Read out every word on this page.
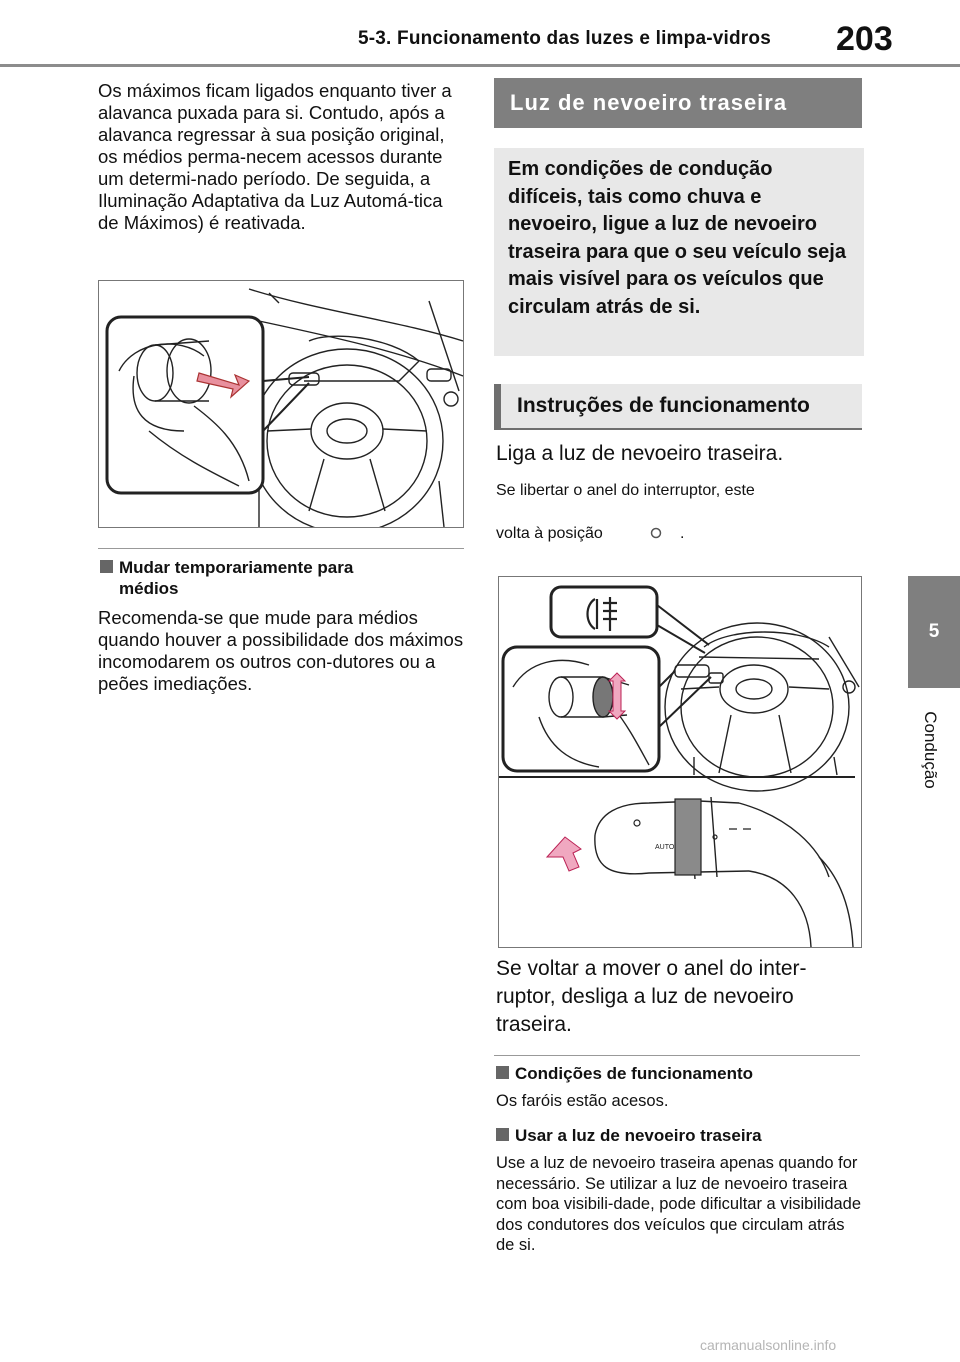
5-3. Funcionamento das luzes e limpa-vidros 203
5
Condução
Os máximos ficam ligados enquanto tiver a alavanca puxada para si. Contudo, após a alavanca regressar à sua posição original, os médios perma-necem acessos durante um determi-nado período. De seguida, a Iluminação Adaptativa da Luz Automá-tica de Máximos) é reativada.
Mudar temporariamente para
médios
Recomenda-se que mude para médios quando houver a possibilidade dos máximos incomodarem os outros con-dutores ou a peões imediações.
Luz de nevoeiro traseira
Em condições de condução difíceis, tais como chuva e nevoeiro, ligue a luz de nevoeiro traseira para que o seu veículo seja mais visível para os veículos que circulam atrás de si.
Instruções de funcionamento
Liga a luz de nevoeiro traseira.
Se libertar o anel do interruptor, este
volta à posição	.
AUTO
Se voltar a mover o anel do inter-ruptor, desliga a luz de nevoeiro traseira.
Condições de funcionamento
Os faróis estão acesos.
Usar a luz de nevoeiro traseira
Use a luz de nevoeiro traseira apenas quando for necessário. Se utilizar a luz de nevoeiro traseira com boa visibili-dade, pode dificultar a visibilidade dos condutores dos veículos que circulam atrás de si.
carmanualsonline.info
